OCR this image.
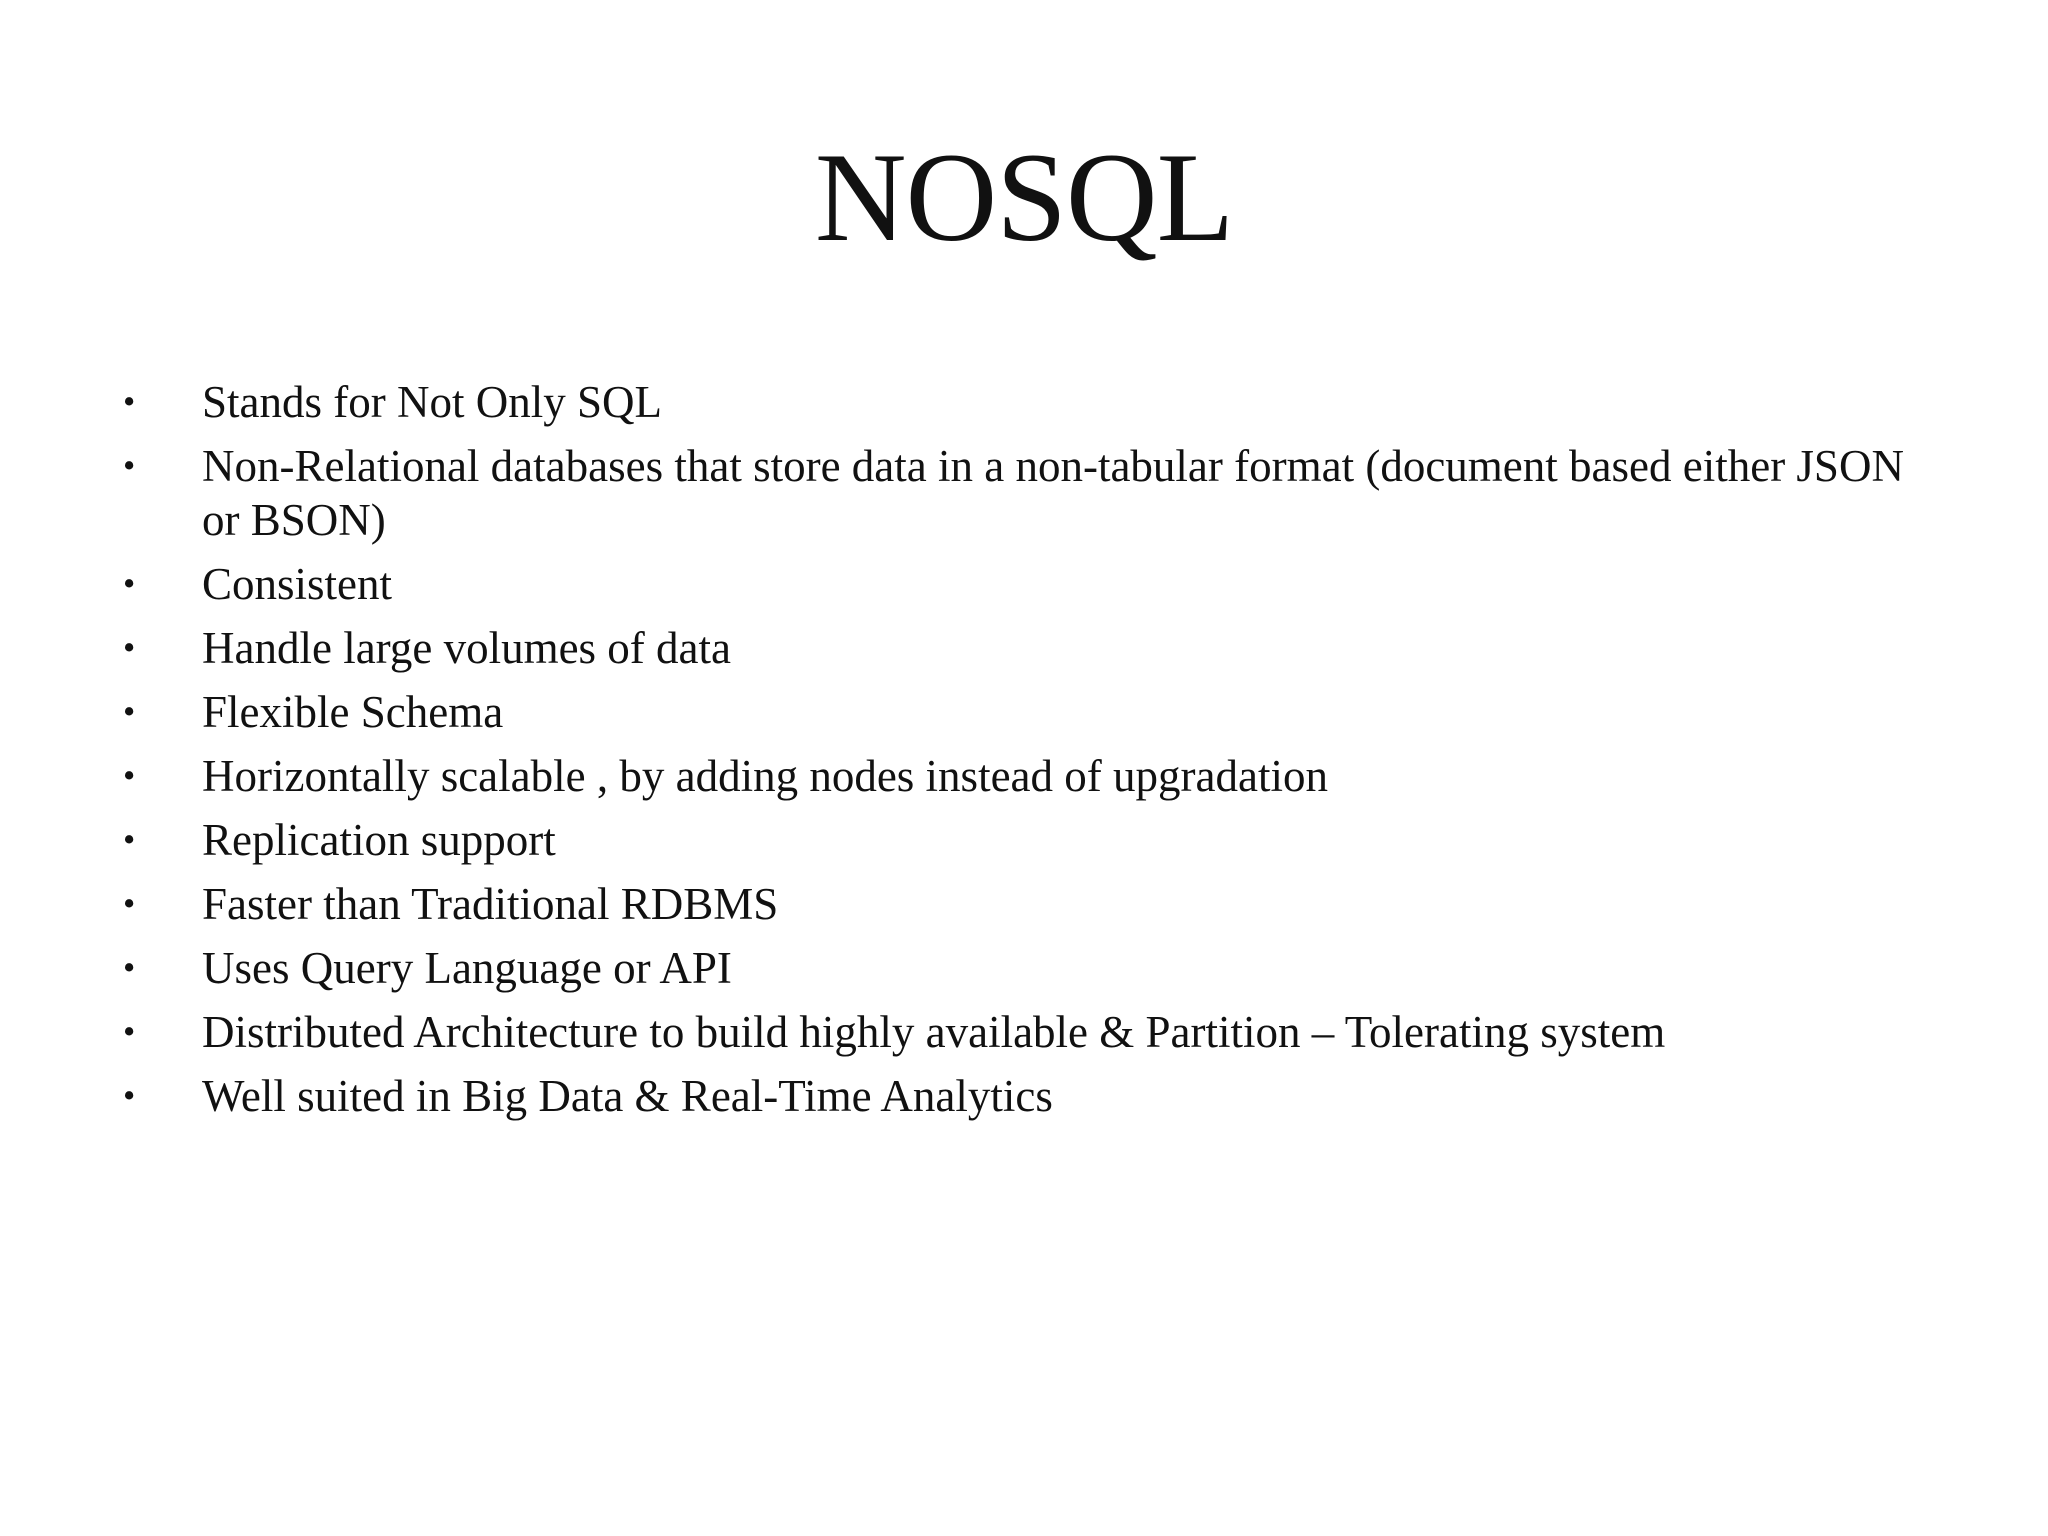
NOSQL
• Stands for Not Only SQL
• Non-Relational databases that store data in a non-tabular format (document based either JSON or BSON)
• Consistent
• Handle large volumes of data
• Flexible Schema
• Horizontally scalable , by adding nodes instead of upgradation
• Replication support
• Faster than Traditional RDBMS
• Uses Query Language or API
• Distributed Architecture to build highly available & Partition – Tolerating system
• Well suited in Big Data & Real-Time Analytics
